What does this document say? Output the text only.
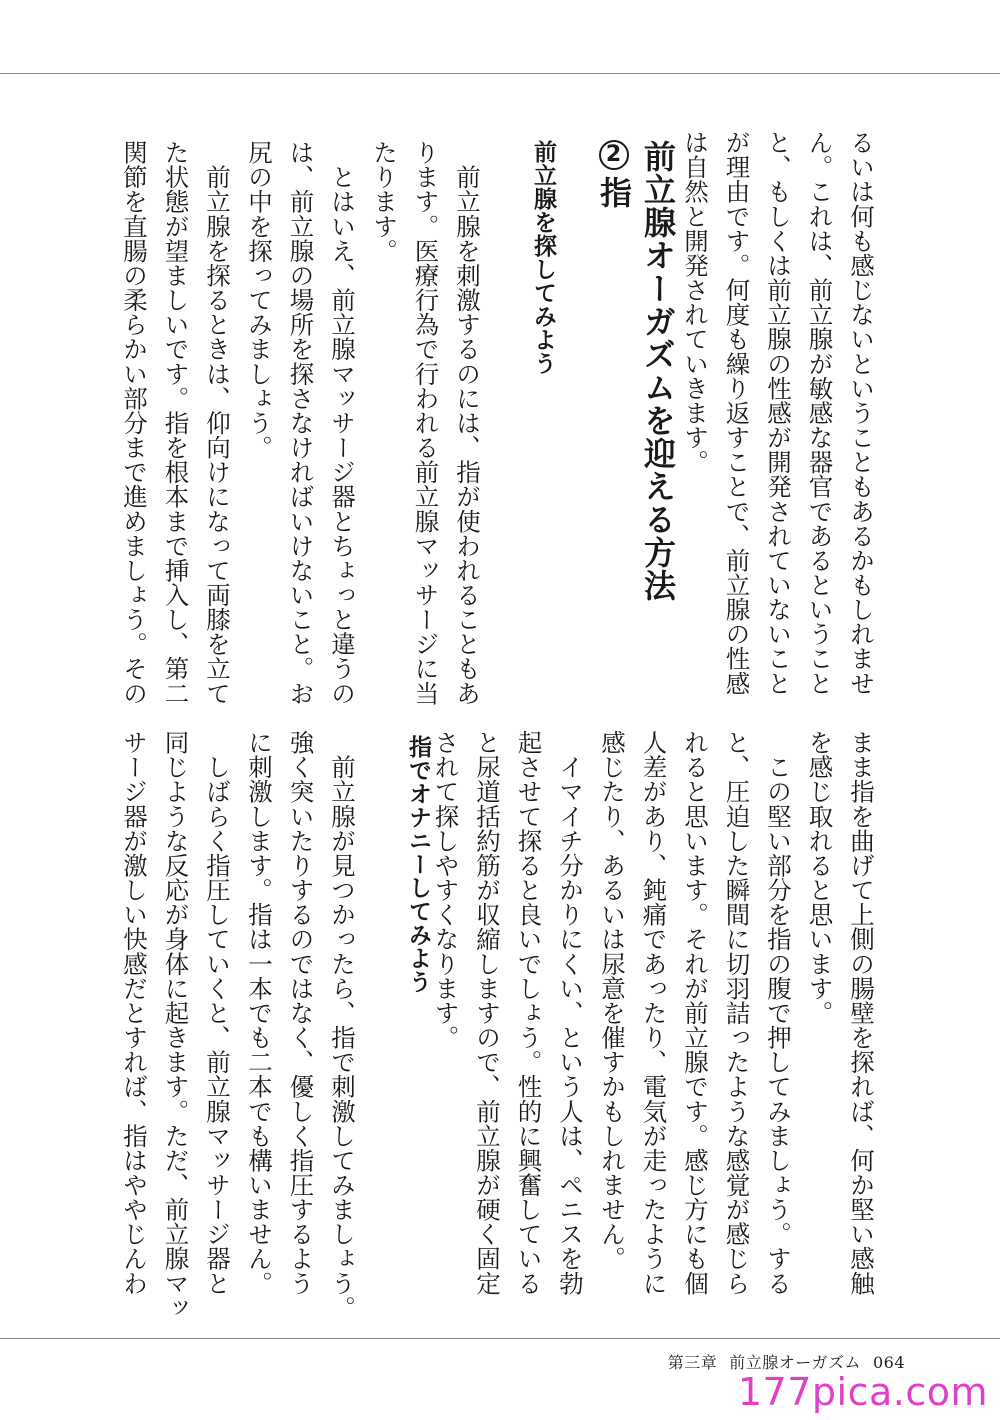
るいは何も感じないということもあるかもしれませ
ん。これは、前立腺が敏感な器官であるということ
と、もしくは前立腺の性感が開発されていないこと
が理由です。何度も繰り返すことで、前立腺の性感
は自然と開発されていきます。
前立腺オーガズムを迎える方法
2指
前立腺を探してみよう
　前立腺を刺激するのには、指が使われることもあ
ります。医療行為で行われる前立腺マッサージに当
たります。
　とはいえ、前立腺マッサージ器とちょっと違うの
は、前立腺の場所を探さなければいけないこと。お
尻の中を探ってみましょう。
　前立腺を探るときは、仰向けになって両膝を立て
た状態が望ましいです。指を根本まで挿入し、第二
関節を直腸の柔らかい部分まで進めましょう。その
まま指を曲げて上側の腸壁を探れば、何か堅い感触
を感じ取れると思います。
　この堅い部分を指の腹で押してみましょう。する
と、圧迫した瞬間に切羽詰ったような感覚が感じら
れると思います。それが前立腺です。感じ方にも個
人差があり、鈍痛であったり、電気が走ったように
感じたり、あるいは尿意を催すかもしれません。
　イマイチ分かりにくい、という人は、ペニスを勃
起させて探ると良いでしょう。性的に興奮している
と尿道括約筋が収縮しますので、前立腺が硬く固定
されて探しやすくなります。
指でオナニーしてみよう
　前立腺が見つかったら、指で刺激してみましょう。
強く突いたりするのではなく、優しく指圧するよう
に刺激します。指は一本でも二本でも構いません。
　しばらく指圧していくと、前立腺マッサージ器と
同じような反応が身体に起きます。ただ、前立腺マッ
サージ器が激しい快感だとすれば、指はややじんわ
第三章 前立腺オーガズム 064
177pica.com
